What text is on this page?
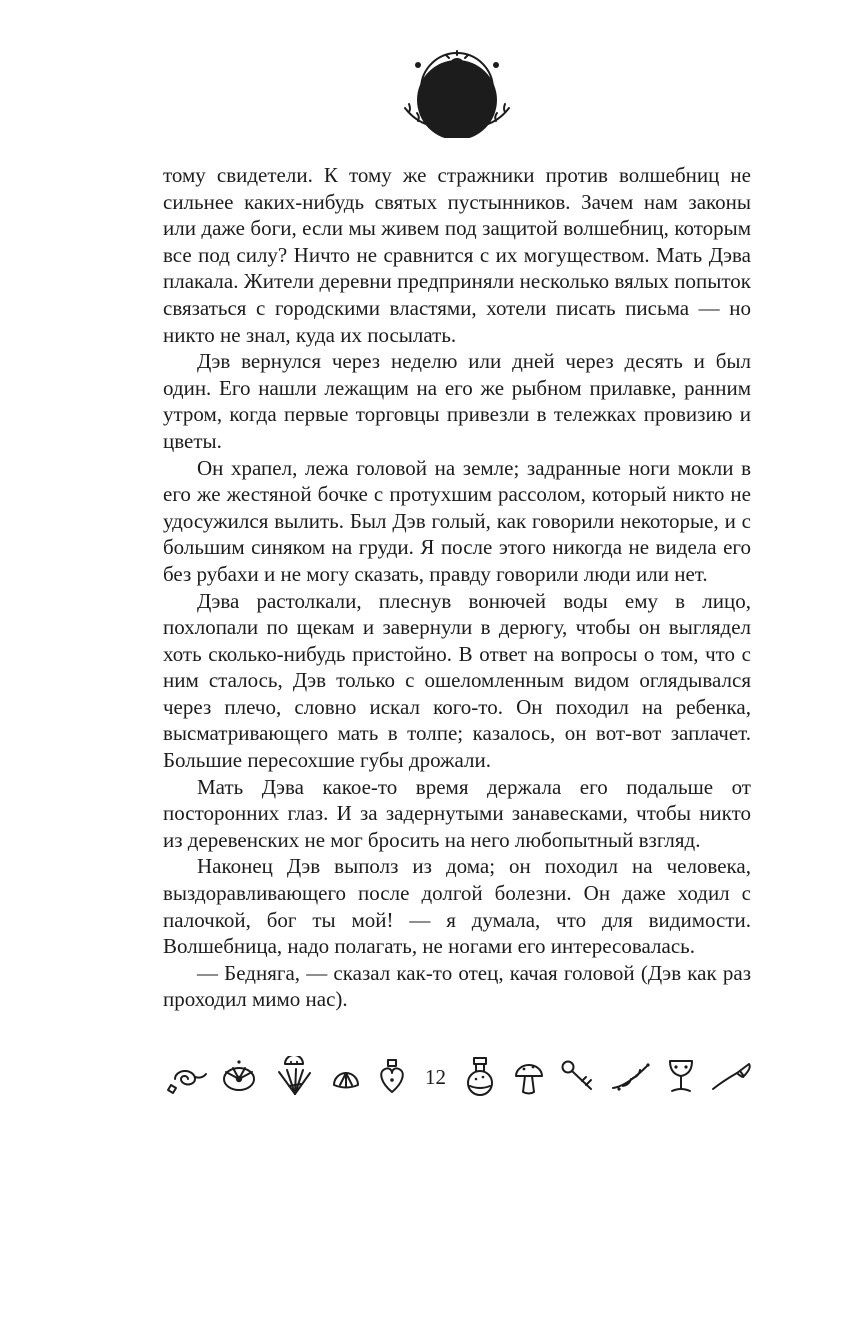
тому свидетели. К тому же стражники против волшебниц не сильнее каких-нибудь святых пустынников. Зачем нам законы или даже боги, если мы живем под защитой волшебниц, которым все под силу? Ничто не сравнится с их могуществом. Мать Дэва плакала. Жители деревни предприняли несколько вялых попыток связаться с городскими властями, хотели писать письма — но никто не знал, куда их посылать.

Дэв вернулся через неделю или дней через десять и был один. Его нашли лежащим на его же рыбном прилавке, ранним утром, когда первые торговцы привезли в тележках провизию и цветы.

Он храпел, лежа головой на земле; задранные ноги мокли в его же жестяной бочке с протухшим рассолом, который никто не удосужился вылить. Был Дэв голый, как говорили некоторые, и с большим синяком на груди. Я после этого никогда не видела его без рубахи и не могу сказать, правду говорили люди или нет.

Дэва растолкали, плеснув вонючей воды ему в лицо, похлопали по щекам и завернули в дерюгу, чтобы он выглядел хоть сколько-нибудь пристойно. В ответ на вопросы о том, что с ним сталось, Дэв только с ошеломленным видом оглядывался через плечо, словно искал кого-то. Он походил на ребенка, высматривающего мать в толпе; казалось, он вот-вот заплачет. Большие пересохшие губы дрожали.

Мать Дэва какое-то время держала его подальше от посторонних глаз. И за задернутыми занавесками, чтобы никто из деревенских не мог бросить на него любопытный взгляд.

Наконец Дэв выполз из дома; он походил на человека, выздоравливающего после долгой болезни. Он даже ходил с палочкой, бог ты мой! — я думала, что для видимости. Волшебница, надо полагать, не ногами его интересовалась.

— Бедняга, — сказал как-то отец, качая головой (Дэв как раз проходил мимо нас).

12
